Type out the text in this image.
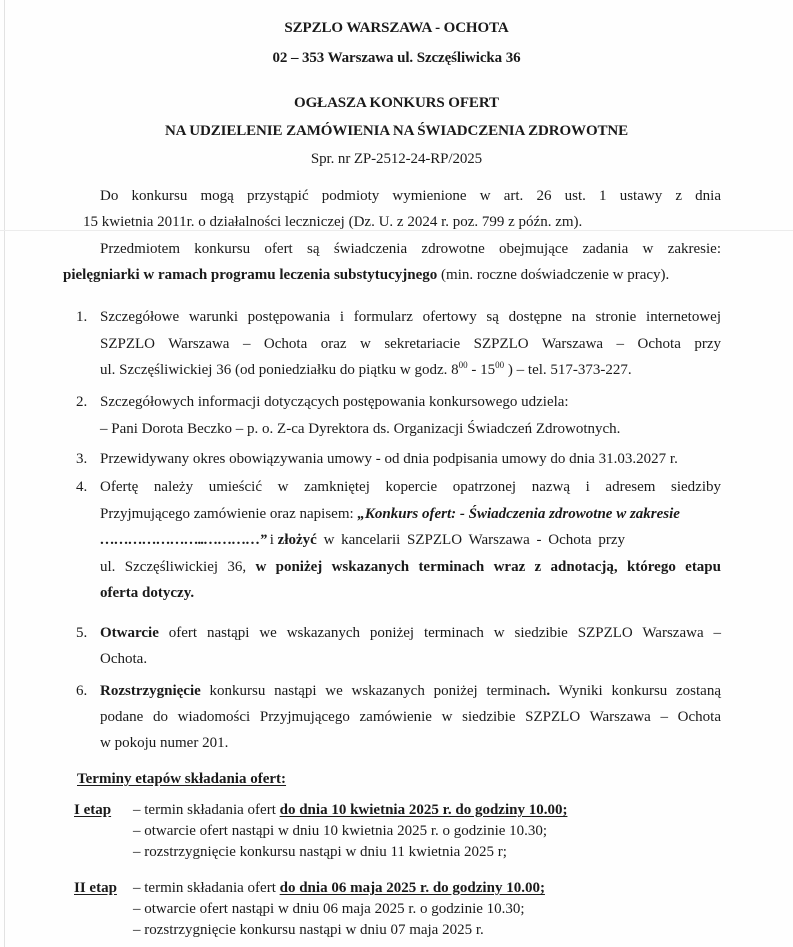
SZPZLO WARSZAWA - OCHOTA
02 – 353 Warszawa ul. Szczęśliwicka 36
OGŁASZA KONKURS OFERT
NA UDZIELENIE ZAMÓWIENIA NA ŚWIADCZENIA ZDROWOTNE
Spr. nr ZP-2512-24-RP/2025
Do konkursu mogą przystąpić podmioty wymienione w art. 26 ust. 1 ustawy z dnia
15 kwietnia 2011r. o działalności leczniczej (Dz. U. z 2024 r. poz. 799 z późn. zm).
Przedmiotem konkursu ofert są świadczenia zdrowotne obejmujące zadania w zakresie:
pielęgniarki w ramach programu leczenia substytucyjnego (min. roczne doświadczenie w pracy).
1. Szczegółowe warunki postępowania i formularz ofertowy są dostępne na stronie internetowej
SZPZLO Warszawa – Ochota oraz w sekretariacie SZPZLO Warszawa – Ochota przy
ul. Szczęśliwickiej 36 (od poniedziałku do piątku w godz. $8^{00} - 15^{00}$ ) – tel. 517-373-227.
2. Szczegółowych informacji dotyczących postępowania konkursowego udziela:
– Pani Dorota Beczko – p. o. Z-ca Dyrektora ds. Organizacji Świadczeń Zdrowotnych.
3. Przewidywany okres obowiązywania umowy - od dnia podpisania umowy do dnia 31.03.2027 r.
4. Ofertę należy umieścić w zamkniętej kopercie opatrzonej nazwą i adresem siedziby
Przyjmującego zamówienie oraz napisem: „Konkurs ofert: - Świadczenia zdrowotne w zakresie
…………………..…………” i złożyć w kancelarii SZPZLO Warszawa - Ochota przy
ul. Szczęśliwickiej 36, w poniżej wskazanych terminach wraz z adnotacją, którego etapu
oferta dotyczy.
5. Otwarcie ofert nastąpi we wskazanych poniżej terminach w siedzibie SZPZLO Warszawa –
Ochota.
6. Rozstrzygnięcie konkursu nastąpi we wskazanych poniżej terminach. Wyniki konkursu zostaną
podane do wiadomości Przyjmującego zamówienie w siedzibie SZPZLO Warszawa – Ochota
w pokoju numer 201.
Terminy etapów składania ofert:
I etap – termin składania ofert do dnia 10 kwietnia 2025 r. do godziny 10.00;
– otwarcie ofert nastąpi w dniu 10 kwietnia 2025 r. o godzinie 10.30;
– rozstrzygnięcie konkursu nastąpi w dniu 11 kwietnia 2025 r;
II etap – termin składania ofert do dnia 06 maja 2025 r. do godziny 10.00;
– otwarcie ofert nastąpi w dniu 06 maja 2025 r. o godzinie 10.30;
– rozstrzygnięcie konkursu nastąpi w dniu 07 maja 2025 r.
